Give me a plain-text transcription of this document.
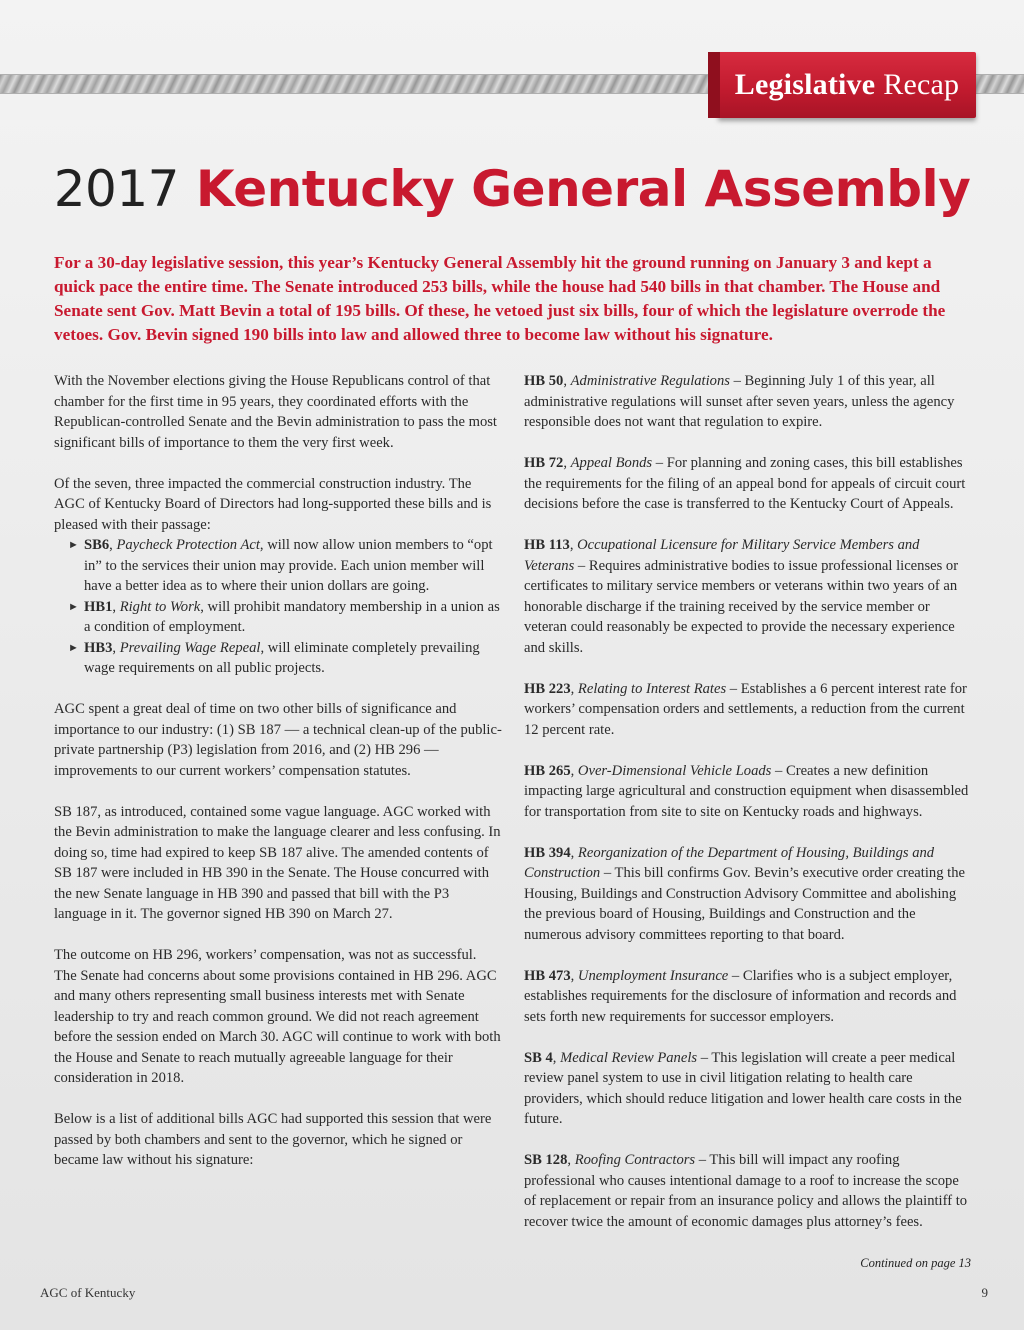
Legislative Recap
2017 Kentucky General Assembly
For a 30-day legislative session, this year’s Kentucky General Assembly hit the ground running on January 3 and kept a quick pace the entire time. The Senate introduced 253 bills, while the house had 540 bills in that chamber. The House and Senate sent Gov. Matt Bevin a total of 195 bills. Of these, he vetoed just six bills, four of which the legislature overrode the vetoes. Gov. Bevin signed 190 bills into law and allowed three to become law without his signature.

With the November elections giving the House Republicans control of that chamber for the first time in 95 years, they coordinated efforts with the Republican-controlled Senate and the Bevin administration to pass the most significant bills of importance to them the very first week.

Of the seven, three impacted the commercial construction industry. The AGC of Kentucky Board of Directors had long-supported these bills and is pleased with their passage:

► SB6, Paycheck Protection Act, will now allow union members to “opt in” to the services their union may provide. Each union member will have a better idea as to where their union dollars are going.
► HB1, Right to Work, will prohibit mandatory membership in a union as a condition of employment.
► HB3, Prevailing Wage Repeal, will eliminate completely prevailing wage requirements on all public projects.

AGC spent a great deal of time on two other bills of significance and importance to our industry: (1) SB 187 — a technical clean-up of the public-private partnership (P3) legislation from 2016, and (2) HB 296 — improvements to our current workers’ compensation statutes.

SB 187, as introduced, contained some vague language. AGC worked with the Bevin administration to make the language clearer and less confusing. In doing so, time had expired to keep SB 187 alive. The amended contents of SB 187 were included in HB 390 in the Senate. The House concurred with the new Senate language in HB 390 and passed that bill with the P3 language in it. The governor signed HB 390 on March 27.

The outcome on HB 296, workers’ compensation, was not as successful. The Senate had concerns about some provisions contained in HB 296. AGC and many others representing small business interests met with Senate leadership to try and reach common ground. We did not reach agreement before the session ended on March 30. AGC will continue to work with both the House and Senate to reach mutually agreeable language for their consideration in 2018.

Below is a list of additional bills AGC had supported this session that were passed by both chambers and sent to the governor, which he signed or became law without his signature:

HB 50, Administrative Regulations – Beginning July 1 of this year, all administrative regulations will sunset after seven years, unless the agency responsible does not want that regulation to expire.

HB 72, Appeal Bonds – For planning and zoning cases, this bill establishes the requirements for the filing of an appeal bond for appeals of circuit court decisions before the case is transferred to the Kentucky Court of Appeals.

HB 113, Occupational Licensure for Military Service Members and Veterans – Requires administrative bodies to issue professional licenses or certificates to military service members or veterans within two years of an honorable discharge if the training received by the service member or veteran could reasonably be expected to provide the necessary experience and skills.

HB 223, Relating to Interest Rates – Establishes a 6 percent interest rate for workers’ compensation orders and settlements, a reduction from the current 12 percent rate.

HB 265, Over-Dimensional Vehicle Loads – Creates a new definition impacting large agricultural and construction equipment when disassembled for transportation from site to site on Kentucky roads and highways.

HB 394, Reorganization of the Department of Housing, Buildings and Construction – This bill confirms Gov. Bevin’s executive order creating the Housing, Buildings and Construction Advisory Committee and abolishing the previous board of Housing, Buildings and Construction and the numerous advisory committees reporting to that board.

HB 473, Unemployment Insurance – Clarifies who is a subject employer, establishes requirements for the disclosure of information and records and sets forth new requirements for successor employers.

SB 4, Medical Review Panels – This legislation will create a peer medical review panel system to use in civil litigation relating to health care providers, which should reduce litigation and lower health care costs in the future.

SB 128, Roofing Contractors – This bill will impact any roofing professional who causes intentional damage to a roof to increase the scope of replacement or repair from an insurance policy and allows the plaintiff to recover twice the amount of economic damages plus attorney’s fees.

Continued on page 13
AGC of Kentucky	9
